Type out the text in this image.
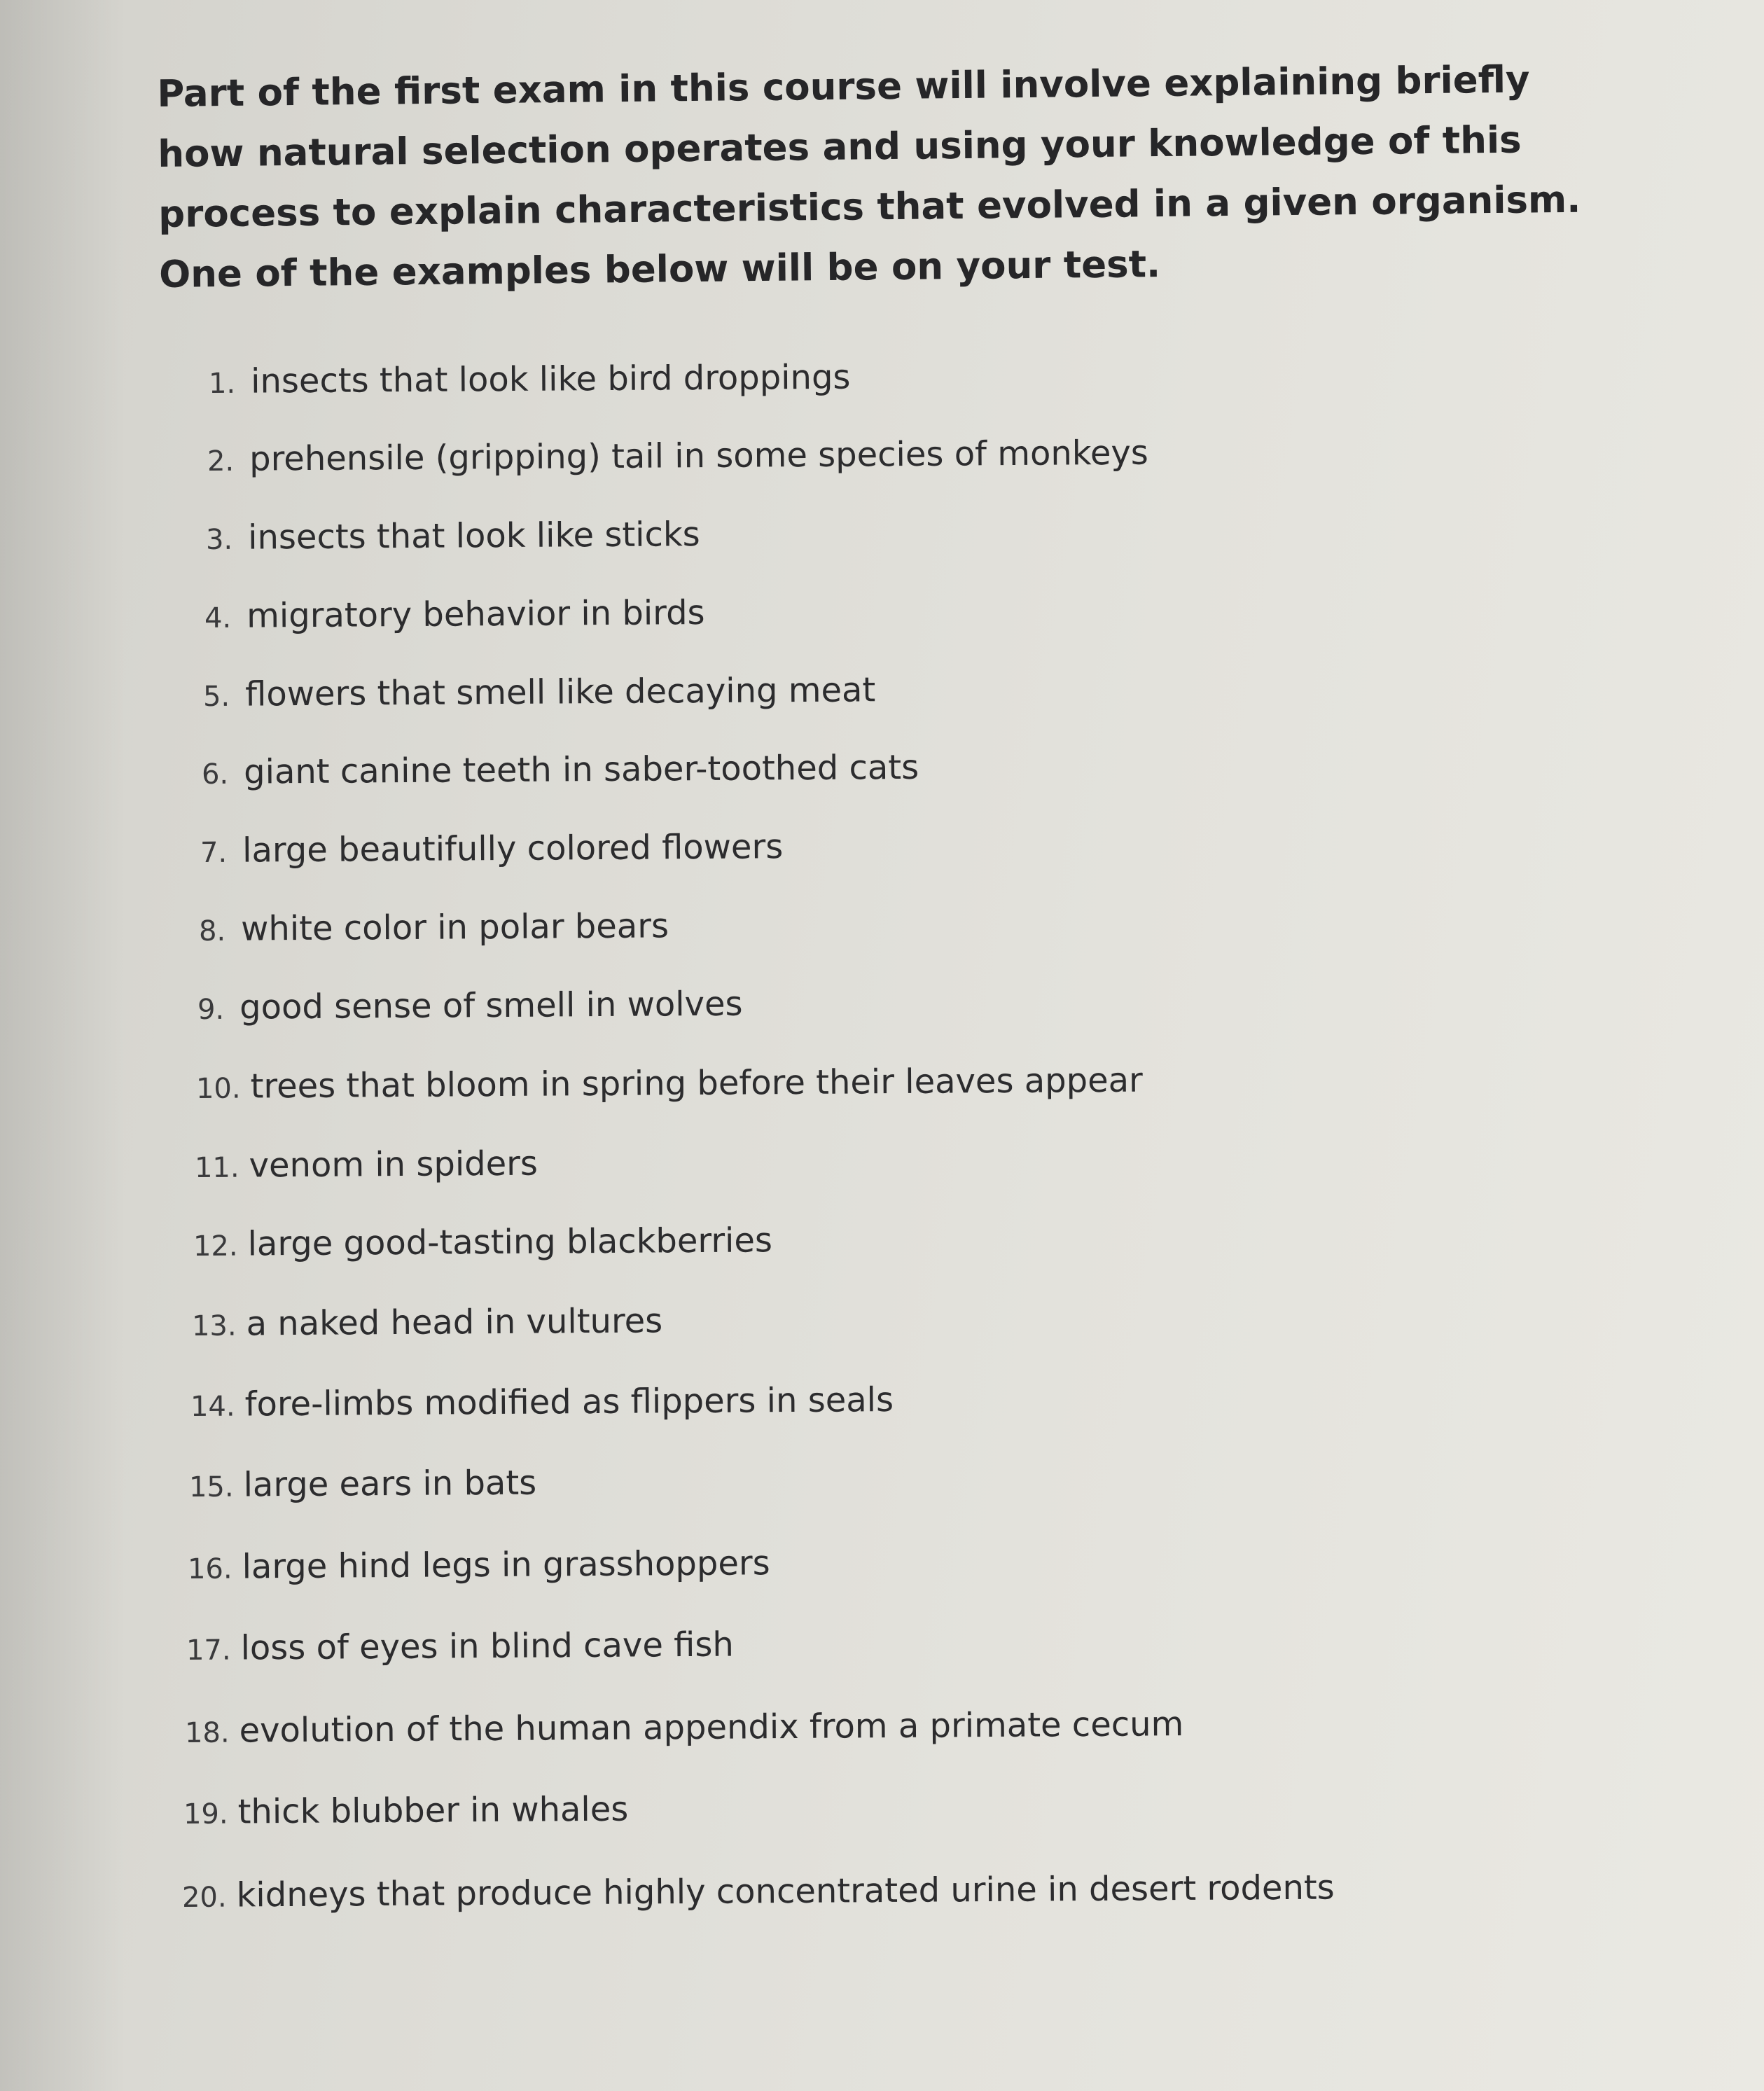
Part of the first exam in this course will involve explaining briefly how natural selection operates and using your knowledge of this process to explain characteristics that evolved in a given organism. One of the examples below will be on your test.

1. insects that look like bird droppings
2. prehensile (gripping) tail in some species of monkeys
3. insects that look like sticks
4. migratory behavior in birds
5. flowers that smell like decaying meat
6. giant canine teeth in saber-toothed cats
7. large beautifully colored flowers
8. white color in polar bears
9. good sense of smell in wolves
10. trees that bloom in spring before their leaves appear
11. venom in spiders
12. large good-tasting blackberries
13. a naked head in vultures
14. fore-limbs modified as flippers in seals
15. large ears in bats
16. large hind legs in grasshoppers
17. loss of eyes in blind cave fish
18. evolution of the human appendix from a primate cecum
19. thick blubber in whales
20. kidneys that produce highly concentrated urine in desert rodents
